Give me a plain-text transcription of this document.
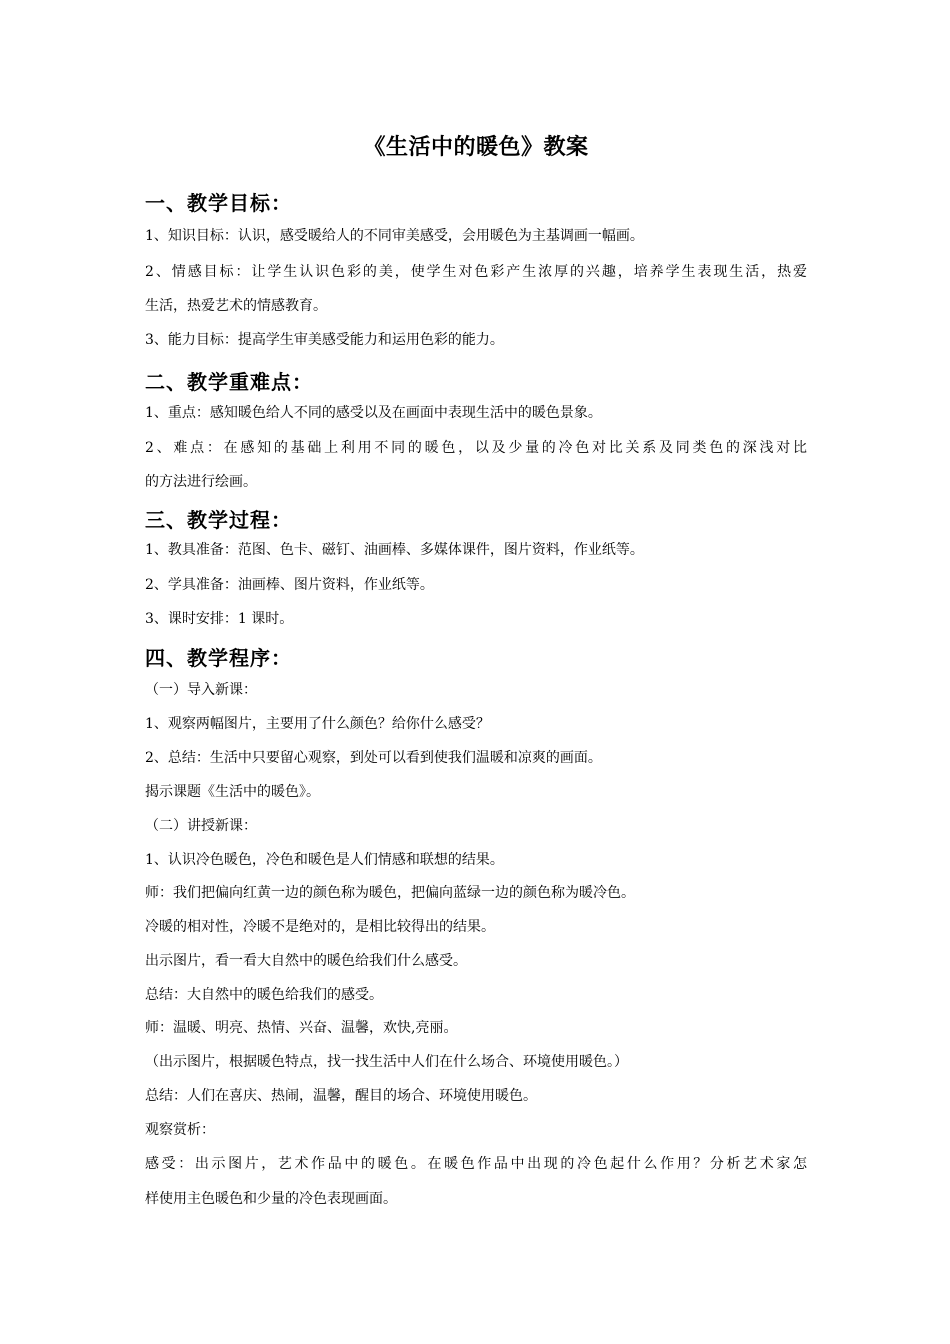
《生活中的暖色》教案
一、教学目标：
1、知识目标：认识，感受暖给人的不同审美感受，会用暖色为主基调画一幅画。
2、情感目标：让学生认识色彩的美，使学生对色彩产生浓厚的兴趣，培养学生表现生活，热爱
生活，热爱艺术的情感教育。
3、能力目标：提高学生审美感受能力和运用色彩的能力。
二、教学重难点：
1、重点：感知暖色给人不同的感受以及在画面中表现生活中的暖色景象。
2、难点：在感知的基础上利用不同的暖色，以及少量的冷色对比关系及同类色的深浅对比
的方法进行绘画。
三、教学过程：
1、教具准备：范图、色卡、磁钉、油画棒、多媒体课件，图片资料，作业纸等。
2、学具准备：油画棒、图片资料，作业纸等。
3、课时安排：1 课时。
四、教学程序：
（一）导入新课：
1、观察两幅图片，主要用了什么颜色？给你什么感受？
2、总结：生活中只要留心观察，到处可以看到使我们温暖和凉爽的画面。
揭示课题《生活中的暖色》。
（二）讲授新课：
1、认识冷色暖色，冷色和暖色是人们情感和联想的结果。
师：我们把偏向红黄一边的颜色称为暖色，把偏向蓝绿一边的颜色称为暖冷色。
冷暖的相对性，冷暖不是绝对的，是相比较得出的结果。
出示图片，看一看大自然中的暖色给我们什么感受。
总结：大自然中的暖色给我们的感受。
师：温暖、明亮、热情、兴奋、温馨，欢快,亮丽。
（出示图片，根据暖色特点，找一找生活中人们在什么场合、环境使用暖色。）
总结：人们在喜庆、热闹，温馨，醒目的场合、环境使用暖色。
观察赏析：
感受：出示图片，艺术作品中的暖色。在暖色作品中出现的冷色起什么作用？分析艺术家怎
样使用主色暖色和少量的冷色表现画面。
